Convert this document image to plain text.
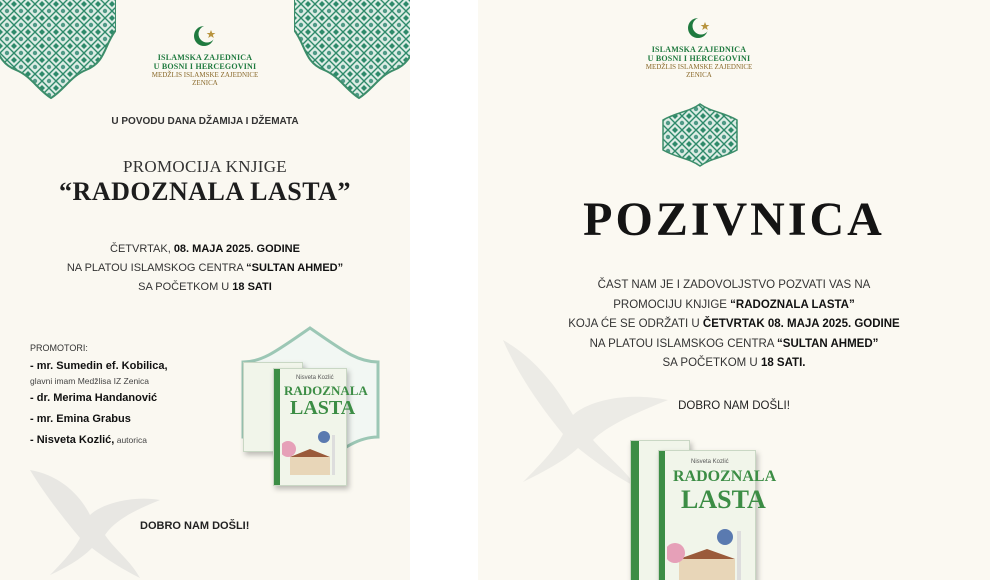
ISLAMSKA ZAJEDNICA
U BOSNI I HERCEGOVINI
MEDŽLIS ISLAMSKE ZAJEDNICE
ZENICA
U POVODU DANA DŽAMIJA I DŽEMATA
PROMOCIJA KNJIGE
“RADOZNALA LASTA”
ČETVRTAK, 08. MAJA 2025. GODINE
NA PLATOU ISLAMSKOG CENTRA “SULTAN AHMED”
SA POČETKOM U 18 SATI
PROMOTORI:
- mr. Sumedin ef. Kobilica,
glavni imam Medžlisa IZ Zenica
- dr. Merima Handanović
- mr. Emina Grabus
- Nisveta Kozlić, autorica
Nisveta Kozlić
RADOZNALA
LASTA
DOBRO NAM DOŠLI!
ISLAMSKA ZAJEDNICA
U BOSNI I HERCEGOVINI
MEDŽLIS ISLAMSKE ZAJEDNICE
ZENICA
POZIVNICA
ČAST NAM JE I ZADOVOLJSTVO POZVATI VAS NA
PROMOCIJU KNJIGE “RADOZNALA LASTA”
KOJA ĆE SE ODRŽATI U ČETVRTAK 08. MAJA 2025. GODINE
NA PLATOU ISLAMSKOG CENTRA “SULTAN AHMED”
SA POČETKOM U 18 SATI.
DOBRO NAM DOŠLI!
Nisveta Kozlić
RADOZNALA
LASTA
